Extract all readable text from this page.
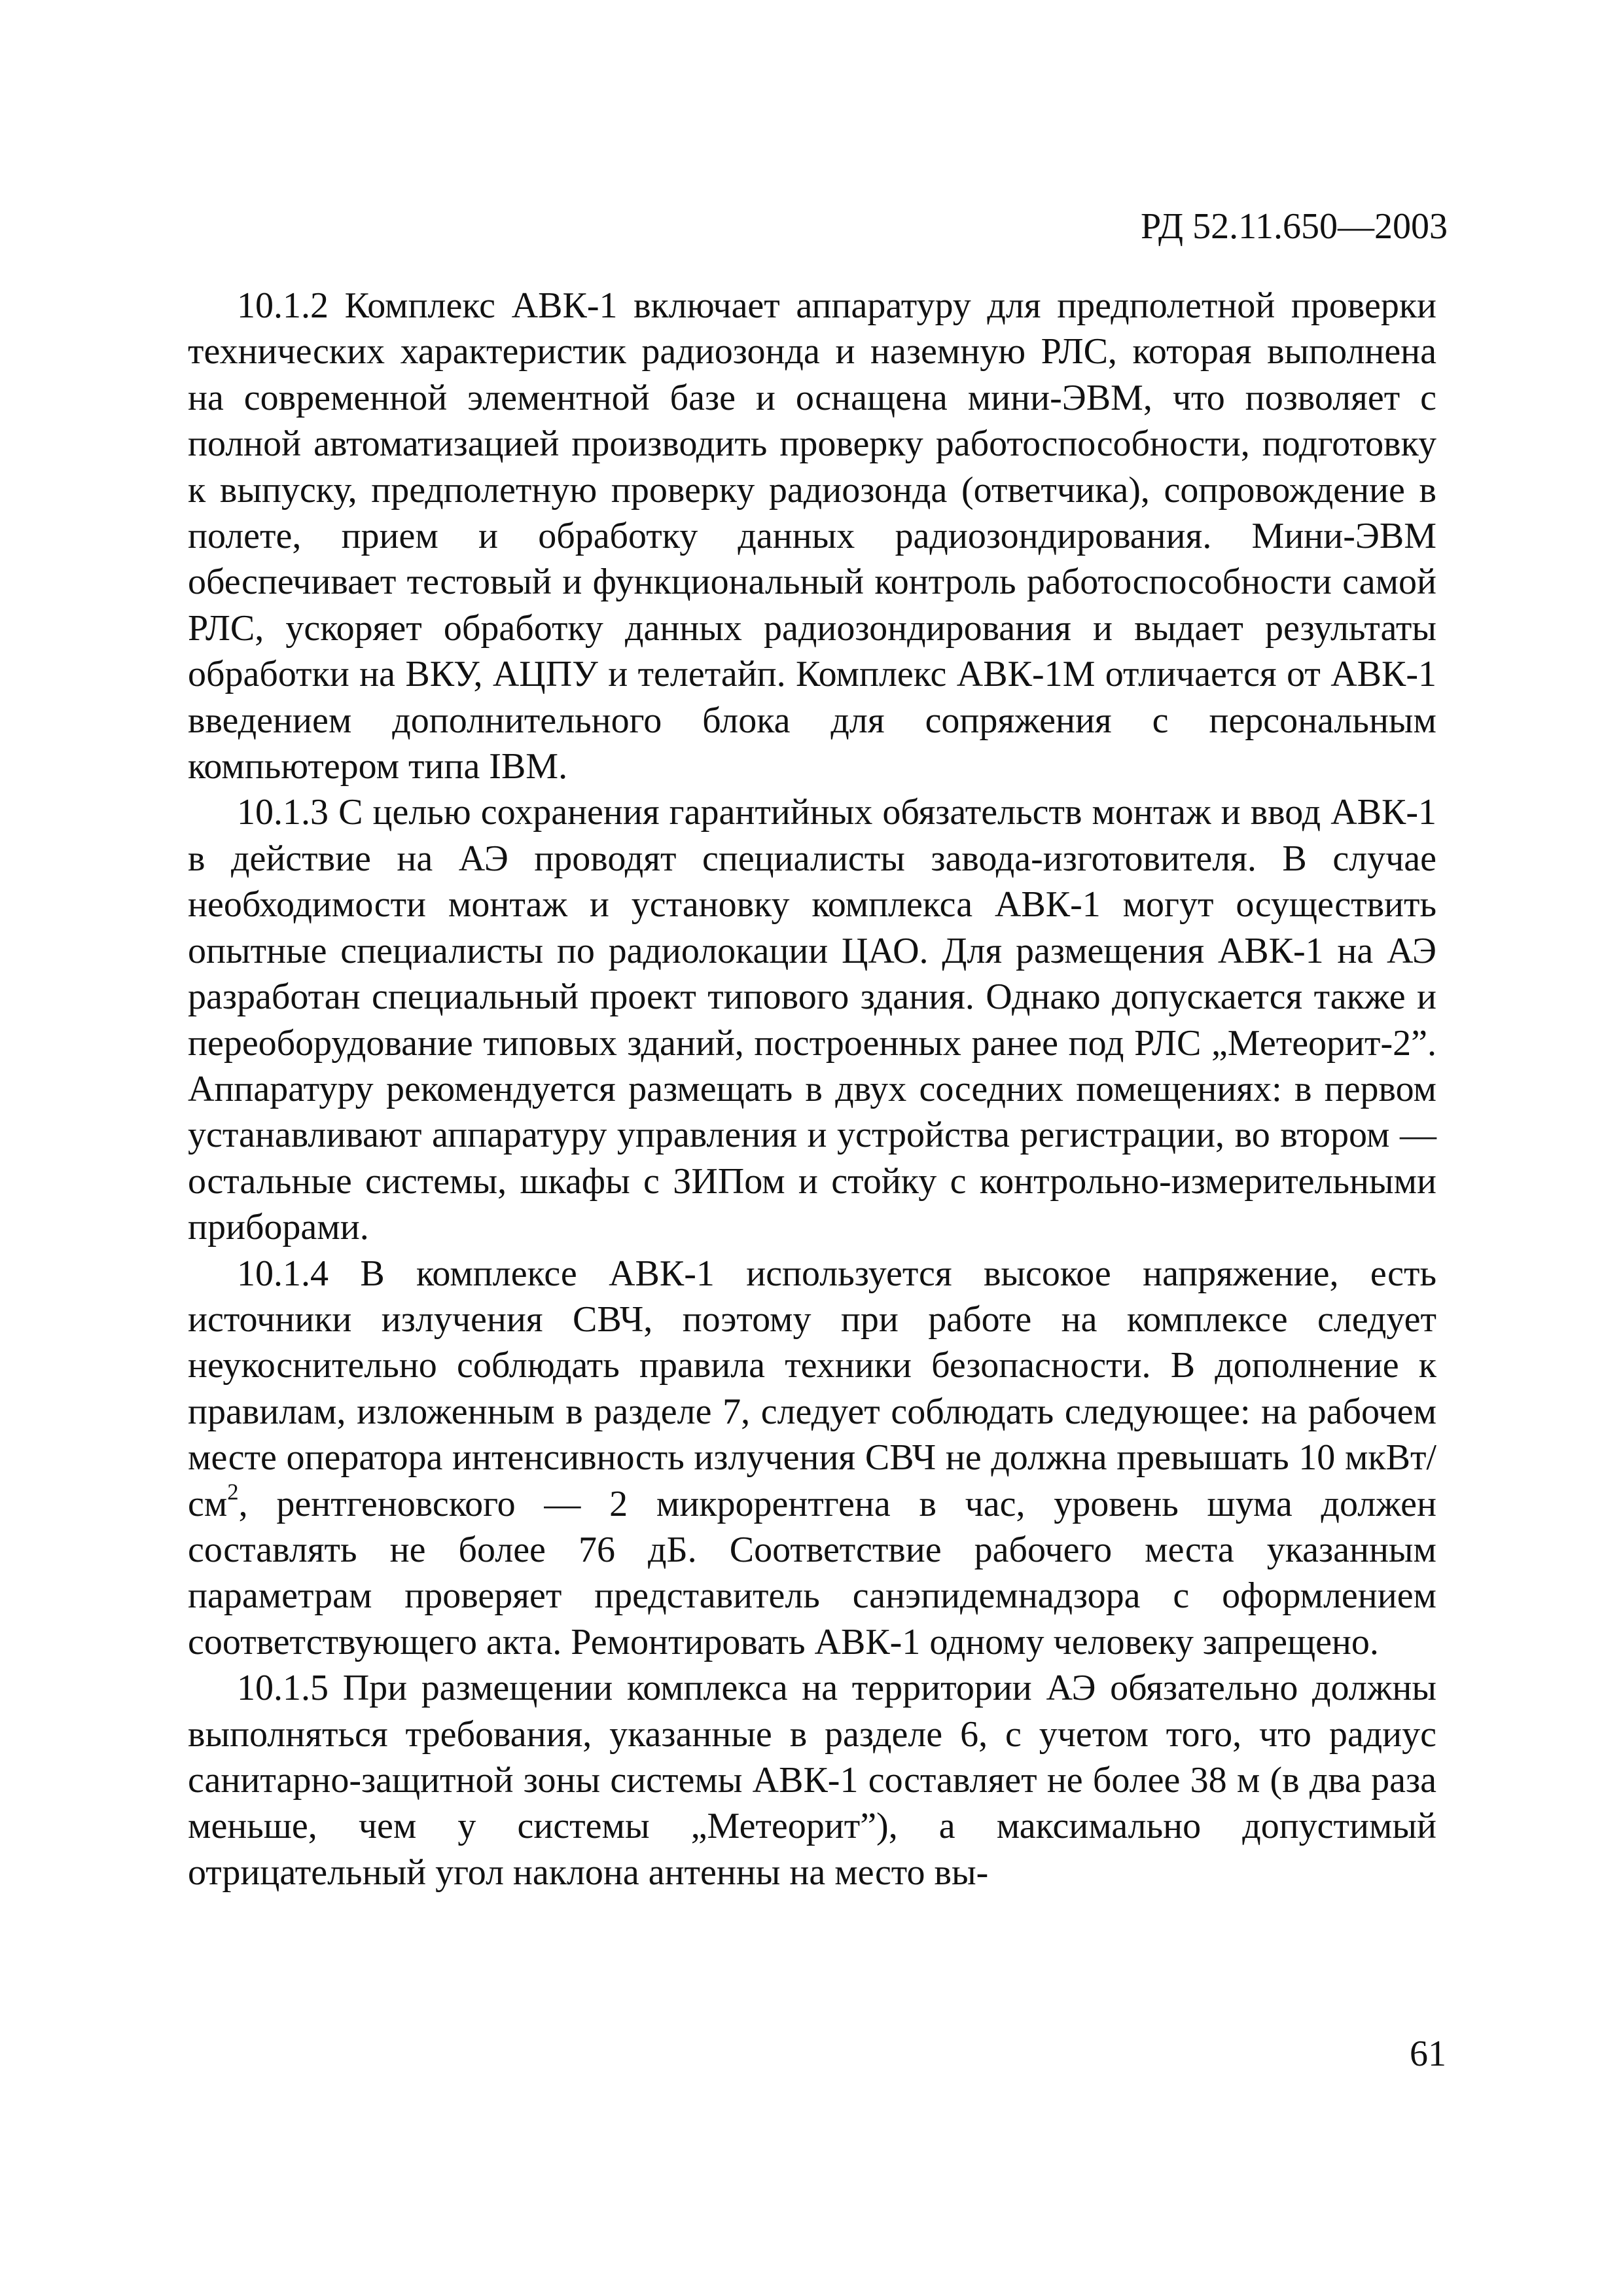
РД 52.11.650—2003

10.1.2 Комплекс АВК-1 включает аппаратуру для предполетной проверки технических характеристик радиозонда и наземную РЛС, которая выполнена на современной элементной базе и оснащена мини-ЭВМ, что позволяет с полной автоматизацией производить проверку работоспособности, подготовку к выпуску, предполетную проверку радиозонда (ответчика), сопровождение в полете, прием и обработку данных радиозондирования. Мини-ЭВМ обеспечивает тестовый и функциональный контроль работоспособности самой РЛС, ускоряет обработку данных радиозондирования и выдает результаты обработки на ВКУ, АЦПУ и телетайп. Комплекс АВК-1М отличается от АВК-1 введением дополнительного блока для сопряжения с персональным компьютером типа IBM.

10.1.3 С целью сохранения гарантийных обязательств монтаж и ввод АВК-1 в действие на АЭ проводят специалисты завода-изготовителя. В случае необходимости монтаж и установку комплекса АВК-1 могут осуществить опытные специалисты по радиолокации ЦАО. Для размещения АВК-1 на АЭ разработан специальный проект типового здания. Однако допускается также и переоборудование типовых зданий, построенных ранее под РЛС „Метеорит-2”. Аппаратуру рекомендуется размещать в двух соседних помещениях: в первом устанавливают аппаратуру управления и устройства регистрации, во втором — остальные системы, шкафы с ЗИПом и стойку с контрольно-измерительными приборами.

10.1.4 В комплексе АВК-1 используется высокое напряжение, есть источники излучения СВЧ, поэтому при работе на комплексе следует неукоснительно соблюдать правила техники безопасности. В дополнение к правилам, изложенным в разделе 7, следует соблюдать следующее: на рабочем месте оператора интенсивность излучения СВЧ не должна превышать 10 мкВт/$см^2$, рентгеновского — 2 микрорентгена в час, уровень шума должен составлять не более 76 дБ. Соответствие рабочего места указанным параметрам проверяет представитель санэпидемнадзора с оформлением соответствующего акта. Ремонтировать АВК-1 одному человеку запрещено.

10.1.5 При размещении комплекса на территории АЭ обязательно должны выполняться требования, указанные в разделе 6, с учетом того, что радиус санитарно-защитной зоны системы АВК-1 составляет не более 38 м (в два раза меньше, чем у системы „Метеорит”), а максимально допустимый отрицательный угол наклона антенны на место вы-

61
